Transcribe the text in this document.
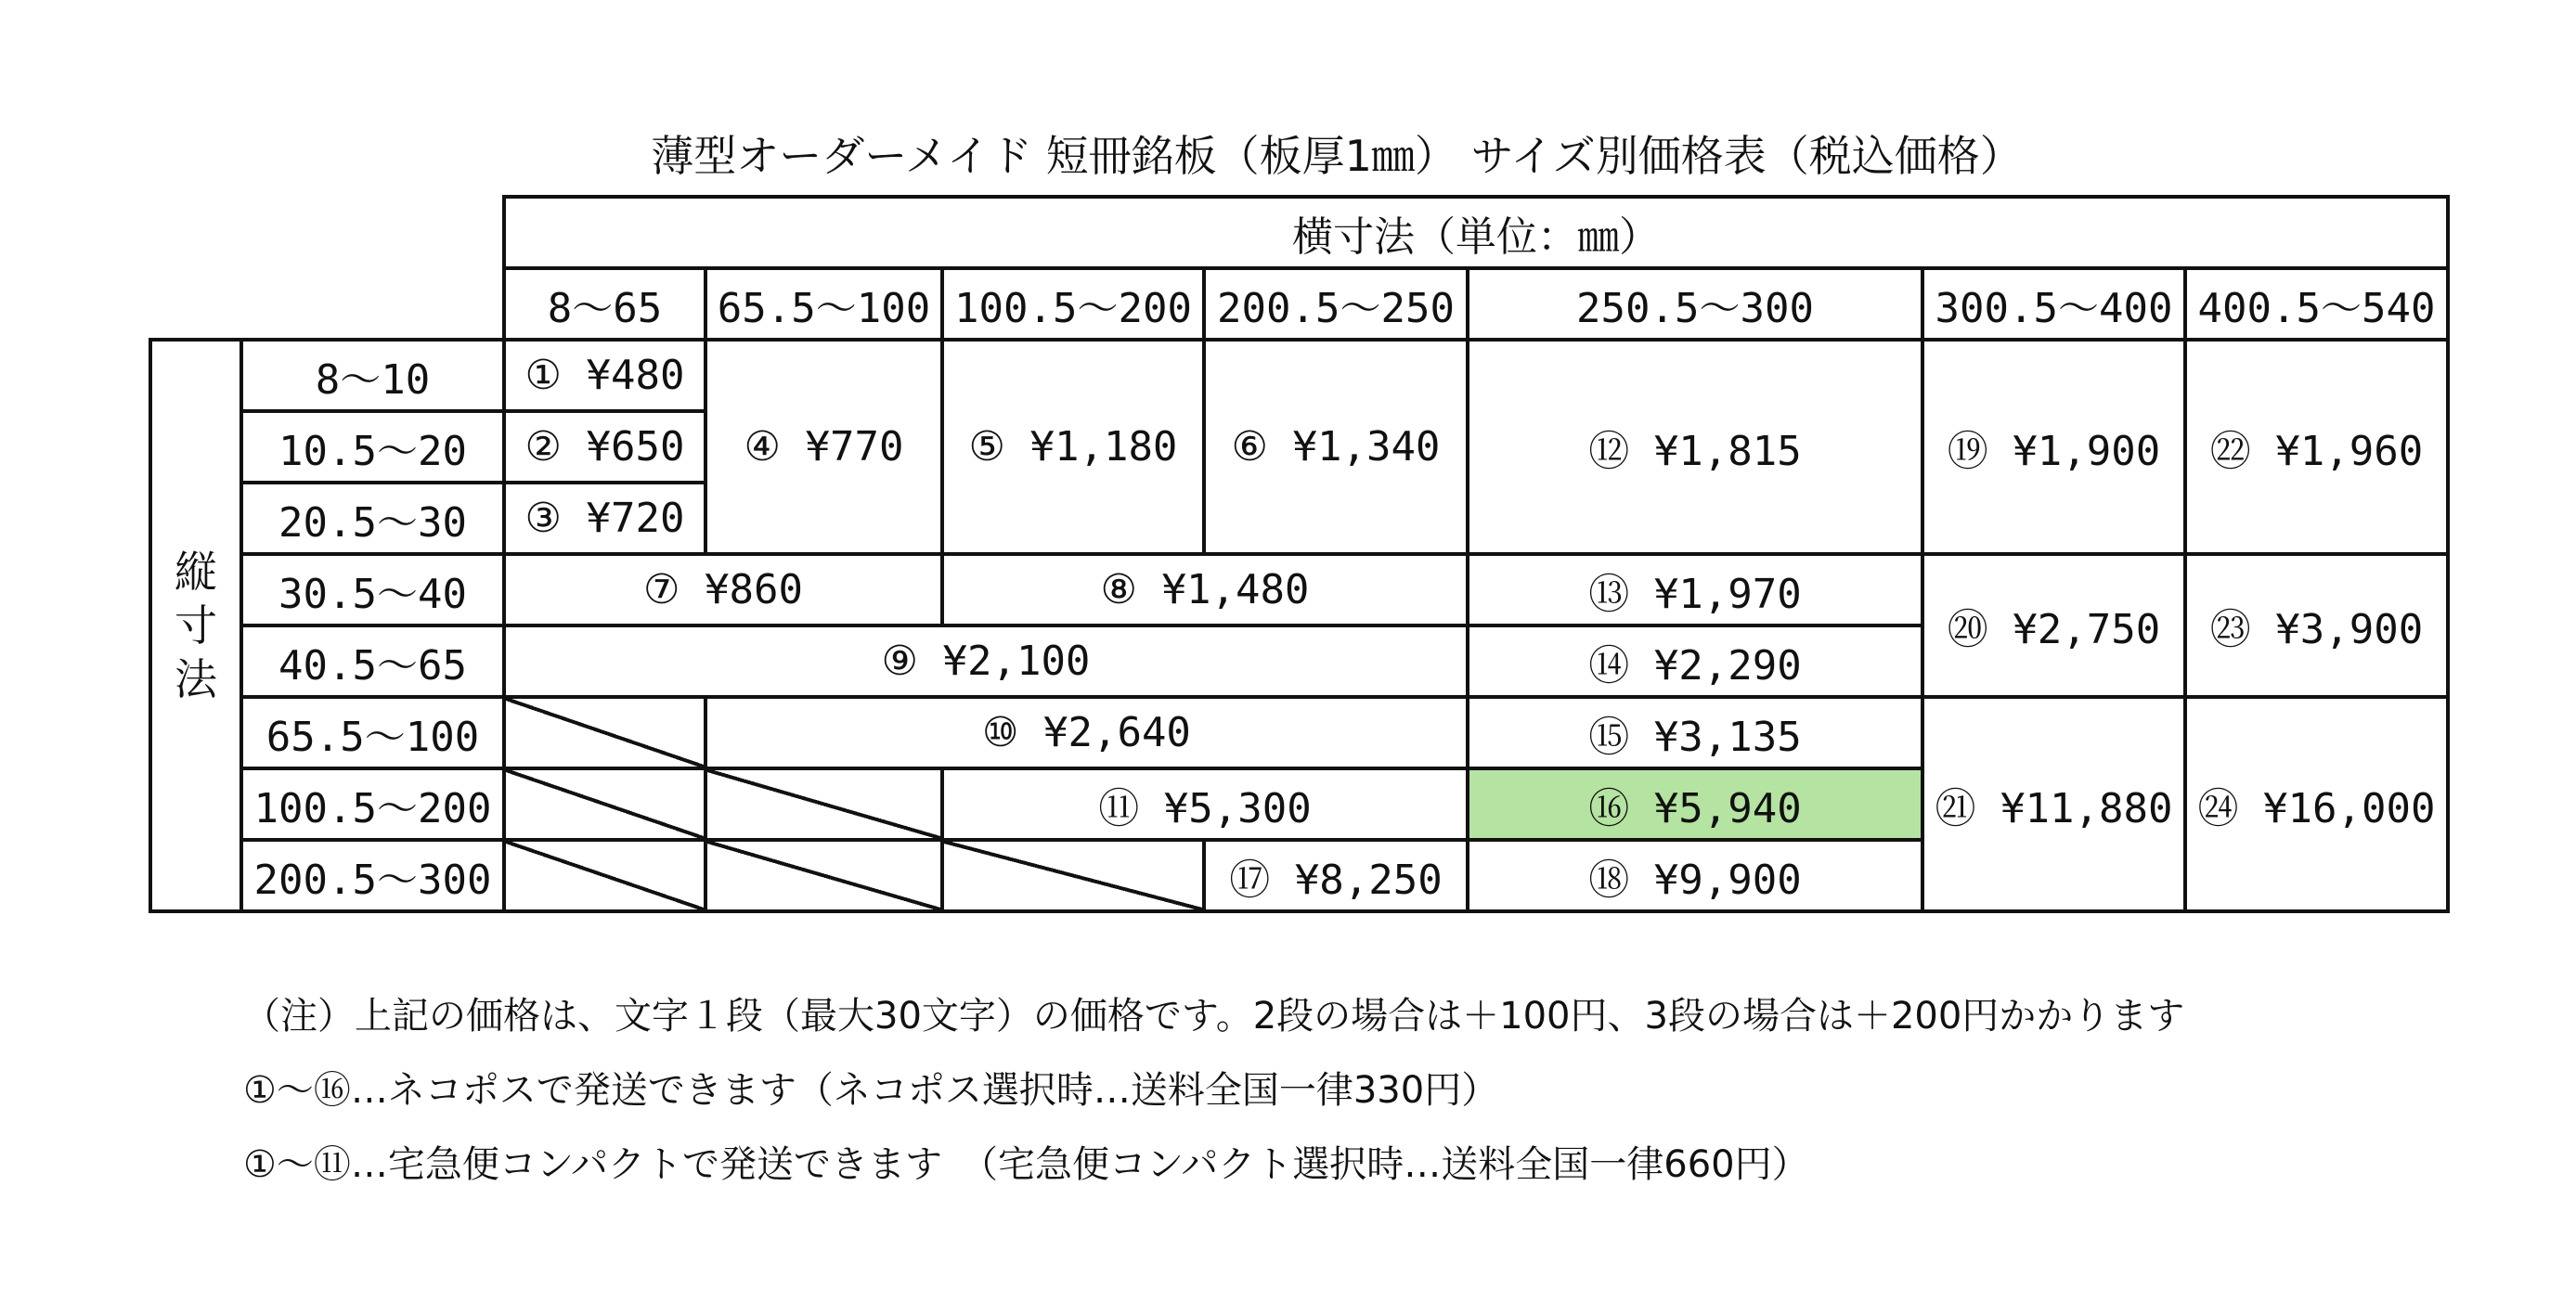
薄型オーダーメイド 短冊銘板（板厚1㎜） サイズ別価格表（税込価格）
		横寸法（単位：㎜）						
		8〜65	65.5〜100	100.5〜200	200.5〜250	250.5〜300	300.5〜400	400.5〜540
縦
寸
法	8〜10	① ¥480	④ ¥770	⑤ ¥1,180	⑥ ¥1,340	⑫ ¥1,815	⑲ ¥1,900	㉒ ¥1,960
	10.5〜20	② ¥650						
	20.5〜30	③ ¥720						
	30.5〜40	⑦ ¥860		⑧ ¥1,480		⑬ ¥1,970	⑳ ¥2,750	㉓ ¥3,900
	40.5〜65	⑨ ¥2,100				⑭ ¥2,290		
	65.5〜100		⑩ ¥2,640			⑮ ¥3,135	㉑ ¥11,880	㉔ ¥16,000
	100.5〜200			⑪ ¥5,300		⑯ ¥5,940		
	200.5〜300				⑰ ¥8,250	⑱ ¥9,900		
（注）上記の価格は、文字１段（最大30文字）の価格です。2段の場合は＋100円、3段の場合は＋200円かかります
①〜⑯…ネコポスで発送できます（ネコポス選択時…送料全国一律330円）
①〜⑪…宅急便コンパクトで発送できます　（宅急便コンパクト選択時…送料全国一律660円）
